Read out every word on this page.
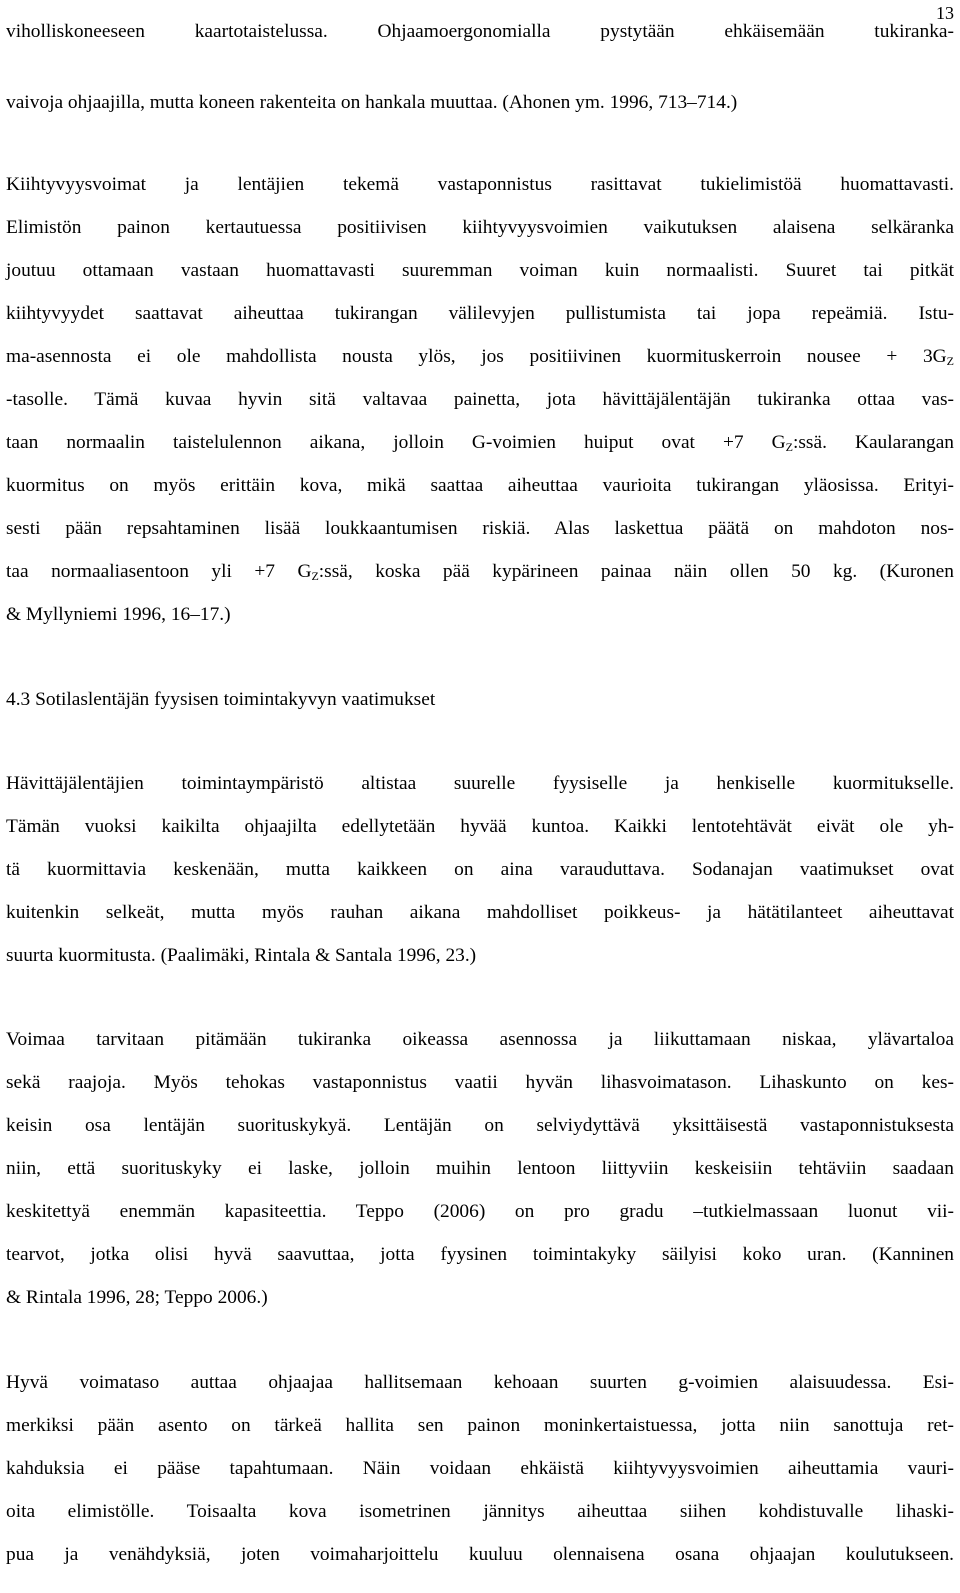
13
viholliskoneeseen kaartotaistelussa. Ohjaamoergonomialla pystytään ehkäisemään tukiranka-
vaivoja ohjaajilla, mutta koneen rakenteita on hankala muuttaa. (Ahonen ym. 1996, 713–714.)
Kiihtyvyysvoimat ja lentäjien tekemä vastaponnistus rasittavat tukielimistöä huomattavasti.
Elimistön painon kertautuessa positiivisen kiihtyvyysvoimien vaikutuksen alaisena selkäranka
joutuu ottamaan vastaan huomattavasti suuremman voiman kuin normaalisti. Suuret tai pitkät
kiihtyvyydet saattavat aiheuttaa tukirangan välilevyjen pullistumista tai jopa repeämiä. Istu-
ma-asennosta ei ole mahdollista nousta ylös, jos positiivinen kuormituskerroin nousee + $3G_Z$
-tasolle. Tämä kuvaa hyvin sitä valtavaa painetta, jota hävittäjälentäjän tukiranka ottaa vas-
taan normaalin taistelulennon aikana, jolloin G-voimien huiput ovat +7 $G_Z:ssä$. Kaularangan
kuormitus on myös erittäin kova, mikä saattaa aiheuttaa vaurioita tukirangan yläosissa. Erityi-
sesti pään repsahtaminen lisää loukkaantumisen riskiä. Alas laskettua päätä on mahdoton nos-
taa normaaliasentoon yli +7 $G_Z:ssä$, koska pää kypärineen painaa näin ollen 50 kg. (Kuronen
& Myllyniemi 1996, 16–17.)
4.3 Sotilaslentäjän fyysisen toimintakyvyn vaatimukset
Hävittäjälentäjien toimintaympäristö altistaa suurelle fyysiselle ja henkiselle kuormitukselle.
Tämän vuoksi kaikilta ohjaajilta edellytetään hyvää kuntoa. Kaikki lentotehtävät eivät ole yh-
tä kuormittavia keskenään, mutta kaikkeen on aina varauduttava. Sodanajan vaatimukset ovat
kuitenkin selkeät, mutta myös rauhan aikana mahdolliset poikkeus- ja hätätilanteet aiheuttavat
suurta kuormitusta. (Paalimäki, Rintala & Santala 1996, 23.)
Voimaa tarvitaan pitämään tukiranka oikeassa asennossa ja liikuttamaan niskaa, ylävartaloa
sekä raajoja. Myös tehokas vastaponnistus vaatii hyvän lihasvoimatason. Lihaskunto on kes-
keisin osa lentäjän suorituskykyä. Lentäjän on selviydyttävä yksittäisestä vastaponnistuksesta
niin, että suorituskyky ei laske, jolloin muihin lentoon liittyviin keskeisiin tehtäviin saadaan
keskitettyä enemmän kapasiteettia. Teppo (2006) on pro gradu –tutkielmassaan luonut vii-
tearvot, jotka olisi hyvä saavuttaa, jotta fyysinen toimintakyky säilyisi koko uran. (Kanninen
& Rintala 1996, 28; Teppo 2006.)
Hyvä voimataso auttaa ohjaajaa hallitsemaan kehoaan suurten g-voimien alaisuudessa. Esi-
merkiksi pään asento on tärkeä hallita sen painon moninkertaistuessa, jotta niin sanottuja ret-
kahduksia ei pääse tapahtumaan. Näin voidaan ehkäistä kiihtyvyysvoimien aiheuttamia vauri-
oita elimistölle. Toisaalta kova isometrinen jännitys aiheuttaa siihen kohdistuvalle lihaski-
pua ja venähdyksiä, joten voimaharjoittelu kuuluu olennaisena osana ohjaajan koulutukseen.
